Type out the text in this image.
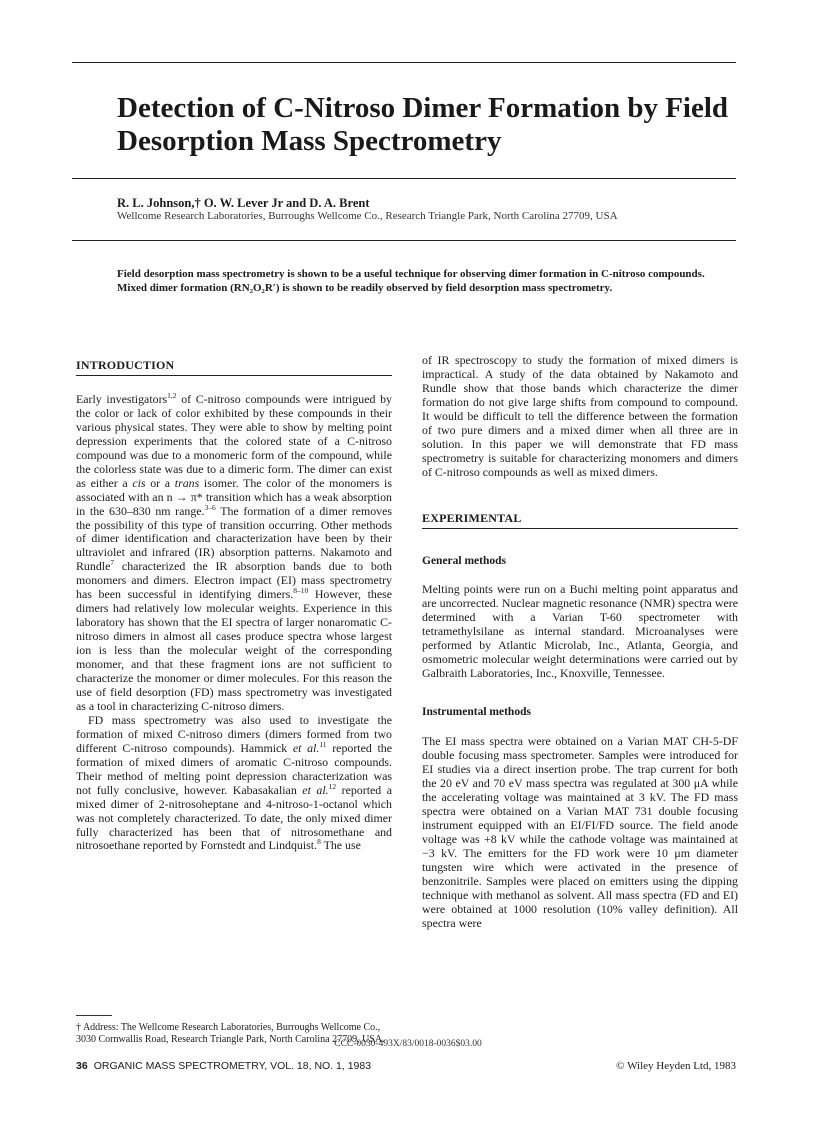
Detection of C-Nitroso Dimer Formation by Field Desorption Mass Spectrometry
R. L. Johnson,† O. W. Lever Jr and D. A. Brent
Wellcome Research Laboratories, Burroughs Wellcome Co., Research Triangle Park, North Carolina 27709, USA

Field desorption mass spectrometry is shown to be a useful technique for observing dimer formation in C-nitroso compounds. Mixed dimer formation (RN₂O₂R′) is shown to be readily observed by field desorption mass spectrometry.

INTRODUCTION

Early investigators$^{1,2}$ of C-nitroso compounds were intrigued by the color or lack of color exhibited by these compounds in their various physical states. They were able to show by melting point depression experiments that the colored state of a C-nitroso compound was due to a monomeric form of the compound, while the colorless state was due to a dimeric form. The dimer can exist as either a cis or a trans isomer. The color of the monomers is associated with an n → π* transition which has a weak absorption in the 630–830 nm range.$^{3-6}$ The formation of a dimer removes the possibility of this type of transition occurring. Other methods of dimer identification and characterization have been by their ultraviolet and infrared (IR) absorption patterns. Nakamoto and Rundle$^7$ characterized the IR absorption bands due to both monomers and dimers. Electron impact (EI) mass spectrometry has been successful in identifying dimers.$^{8-10}$ However, these dimers had relatively low molecular weights. Experience in this laboratory has shown that the EI spectra of larger nonaromatic C-nitroso dimers in almost all cases produce spectra whose largest ion is less than the molecular weight of the corresponding monomer, and that these fragment ions are not sufficient to characterize the monomer or dimer molecules. For this reason the use of field desorption (FD) mass spectrometry was investigated as a tool in characterizing C-nitroso dimers.

FD mass spectrometry was also used to investigate the formation of mixed C-nitroso dimers (dimers formed from two different C-nitroso compounds). Hammick et al.$^{11}$ reported the formation of mixed dimers of aromatic C-nitroso compounds. Their method of melting point depression characterization was not fully conclusive, however. Kabasakalian et al.$^{12}$ reported a mixed dimer of 2-nitrosoheptane and 4-nitroso-1-octanol which was not completely characterized. To date, the only mixed dimer fully characterized has been that of nitrosomethane and nitrosoethane reported by Fornstedt and Lindquist.$^8$ The use

of IR spectroscopy to study the formation of mixed dimers is impractical. A study of the data obtained by Nakamoto and Rundle show that those bands which characterize the dimer formation do not give large shifts from compound to compound. It would be difficult to tell the difference between the formation of two pure dimers and a mixed dimer when all three are in solution. In this paper we will demonstrate that FD mass spectrometry is suitable for characterizing monomers and dimers of C-nitroso compounds as well as mixed dimers.

EXPERIMENTAL
General methods

Melting points were run on a Buchi melting point apparatus and are uncorrected. Nuclear magnetic resonance (NMR) spectra were determined with a Varian T-60 spectrometer with tetramethylsilane as internal standard. Microanalyses were performed by Atlantic Microlab, Inc., Atlanta, Georgia, and osmometric molecular weight determinations were carried out by Galbraith Laboratories, Inc., Knoxville, Tennessee.

Instrumental methods

The EI mass spectra were obtained on a Varian MAT CH-5-DF double focusing mass spectrometer. Samples were introduced for EI studies via a direct insertion probe. The trap current for both the 20 eV and 70 eV mass spectra was regulated at 300 μA while the accelerating voltage was maintained at 3 kV. The FD mass spectra were obtained on a Varian MAT 731 double focusing instrument equipped with an EI/FI/FD source. The field anode voltage was +8 kV while the cathode voltage was maintained at −3 kV. The emitters for the FD work were 10 μm diameter tungsten wire which were activated in the presence of benzonitrile. Samples were placed on emitters using the dipping technique with methanol as solvent. All mass spectra (FD and EI) were obtained at 1000 resolution (10% valley definition). All spectra were

† Address: The Wellcome Research Laboratories, Burroughs Wellcome Co., 3030 Cornwallis Road, Research Triangle Park, North Carolina 27709, USA.

CCC-0030-493X/83/0018-0036$03.00
36 ORGANIC MASS SPECTROMETRY, VOL. 18, NO. 1, 1983	© Wiley Heyden Ltd, 1983
